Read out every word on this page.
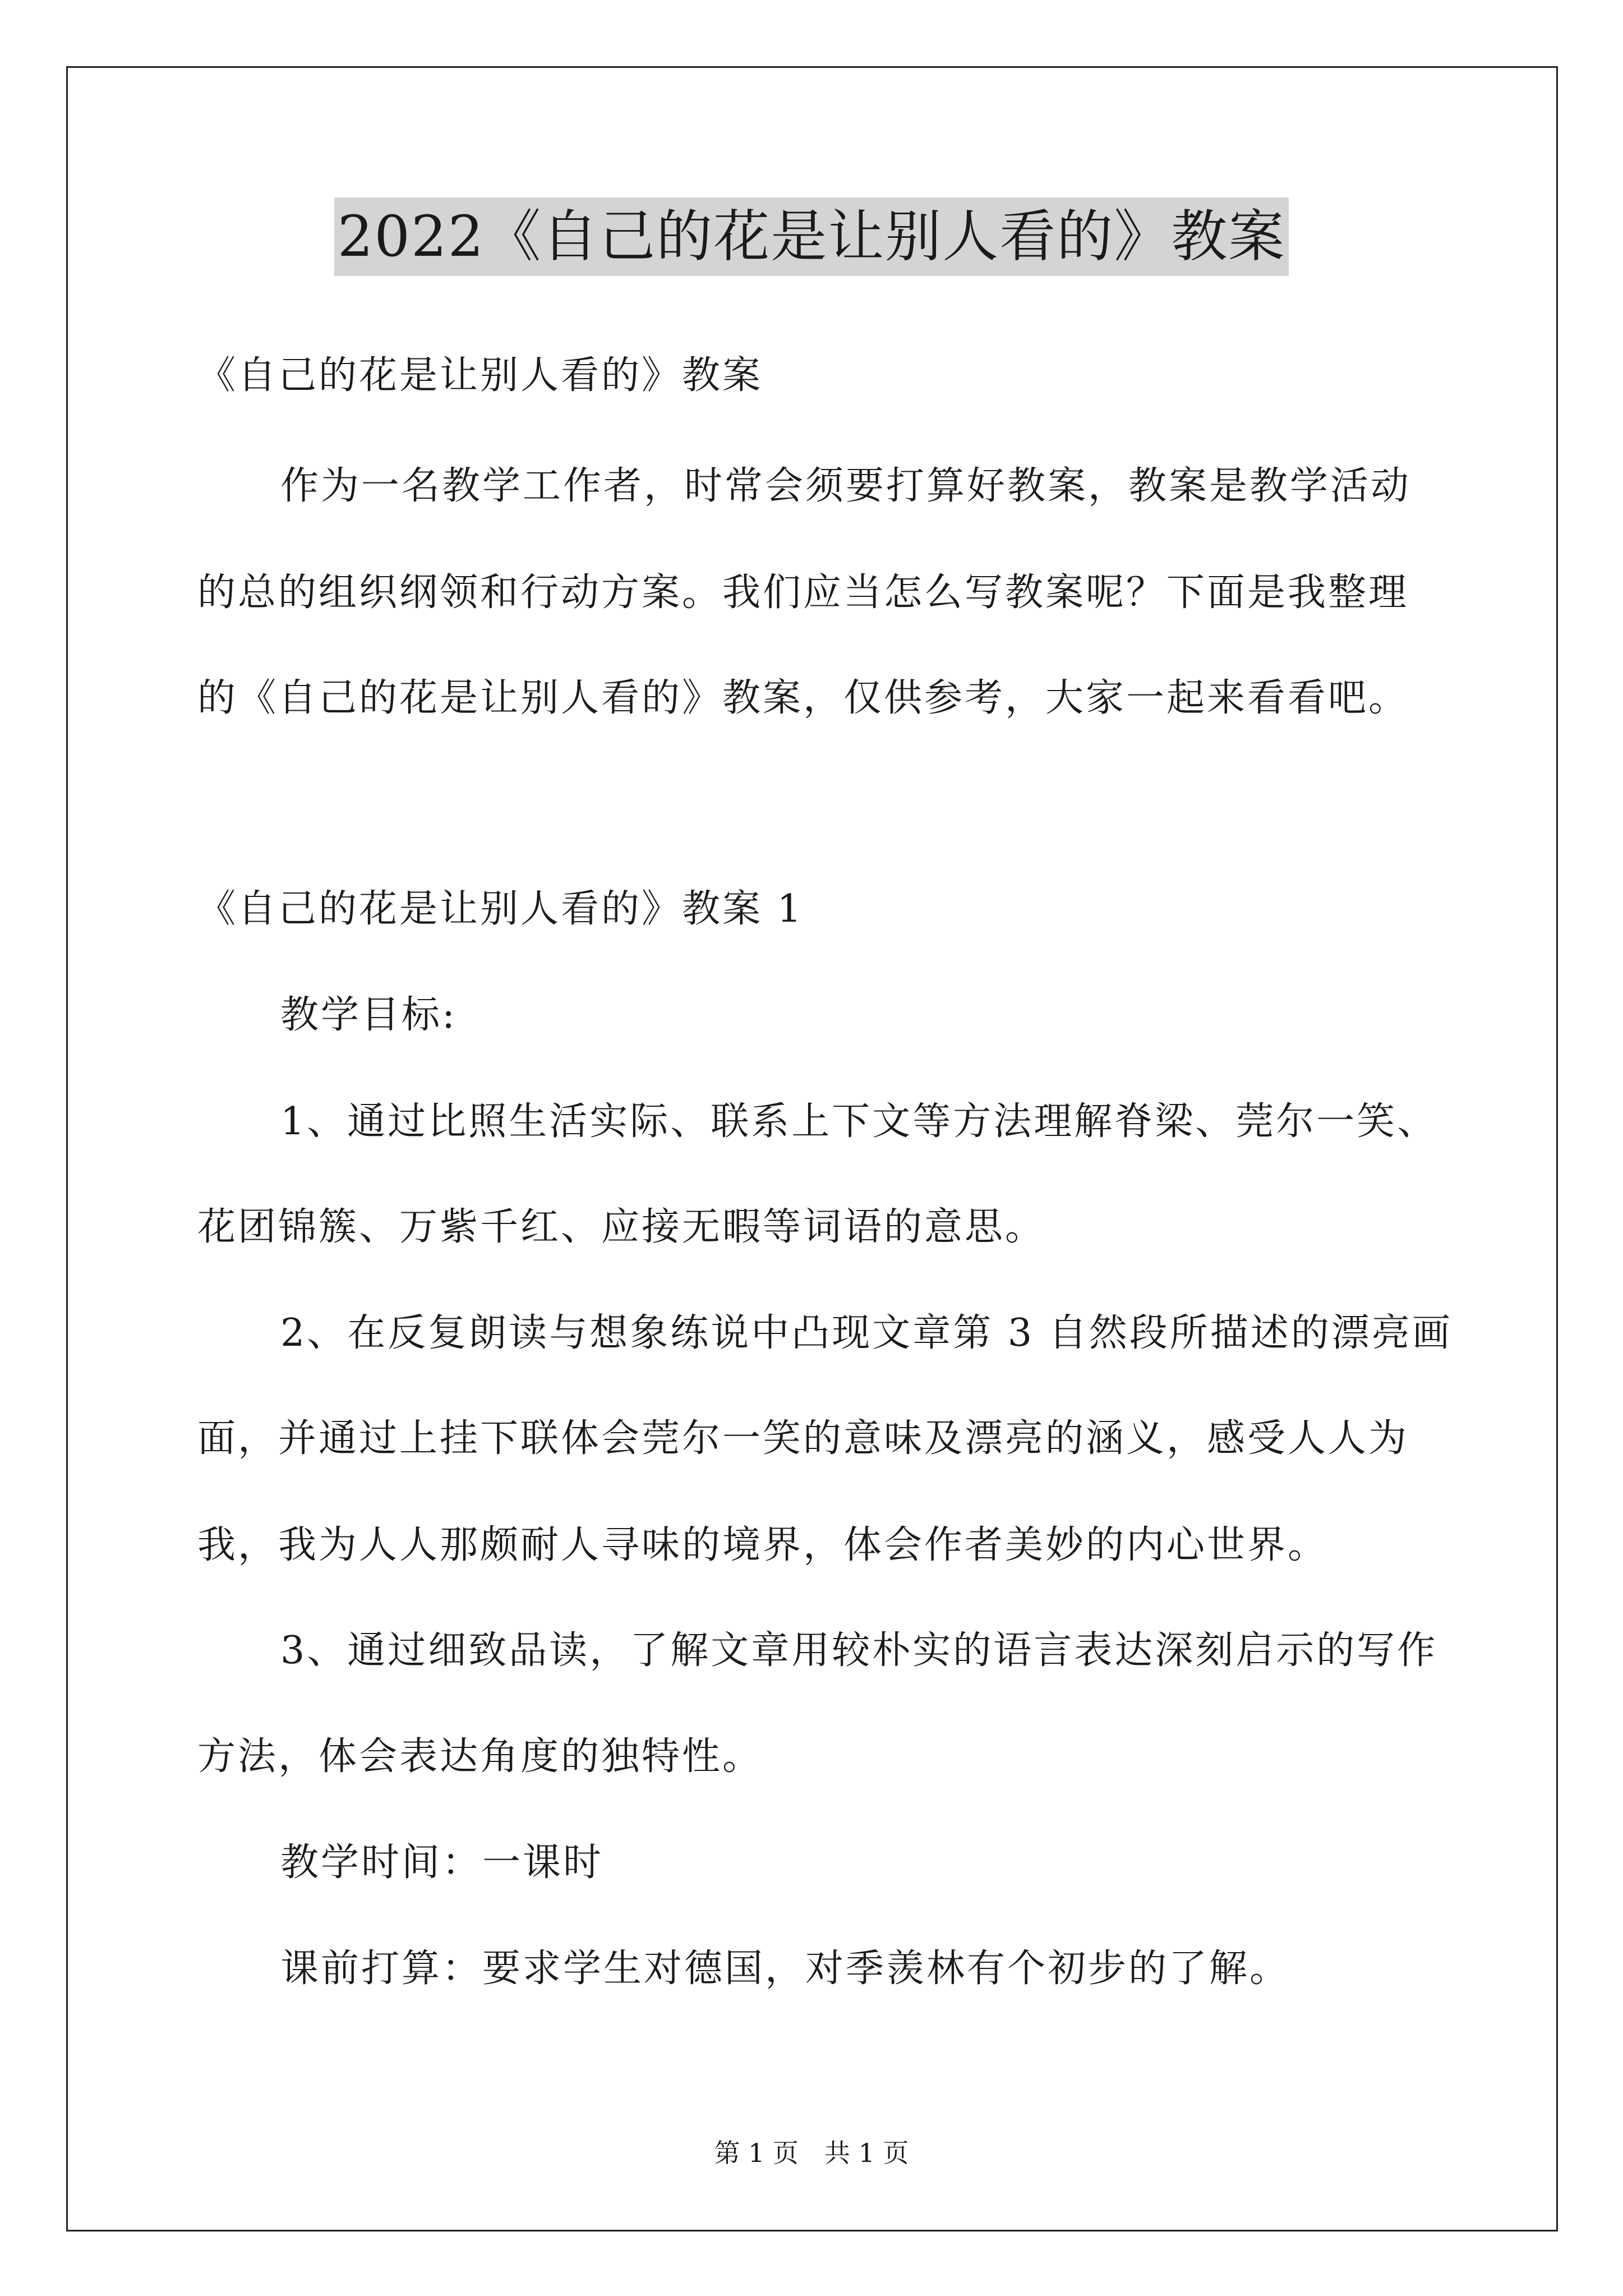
2022《自己的花是让别人看的》教案
《自己的花是让别人看的》教案
作为一名教学工作者，时常会须要打算好教案，教案是教学活动
的总的组织纲领和行动方案。我们应当怎么写教案呢？下面是我整理
的《自己的花是让别人看的》教案，仅供参考，大家一起来看看吧。
《自己的花是让别人看的》教案 1
教学目标:
1、通过比照生活实际、联系上下文等方法理解脊梁、莞尔一笑、
花团锦簇、万紫千红、应接无暇等词语的意思。
2、在反复朗读与想象练说中凸现文章第 3 自然段所描述的漂亮画
面，并通过上挂下联体会莞尔一笑的意味及漂亮的涵义，感受人人为
我，我为人人那颇耐人寻味的境界，体会作者美妙的内心世界。
3、通过细致品读，了解文章用较朴实的语言表达深刻启示的写作
方法，体会表达角度的独特性。
教学时间：一课时
课前打算：要求学生对德国，对季羡林有个初步的了解。
第 1 页　共 1 页
